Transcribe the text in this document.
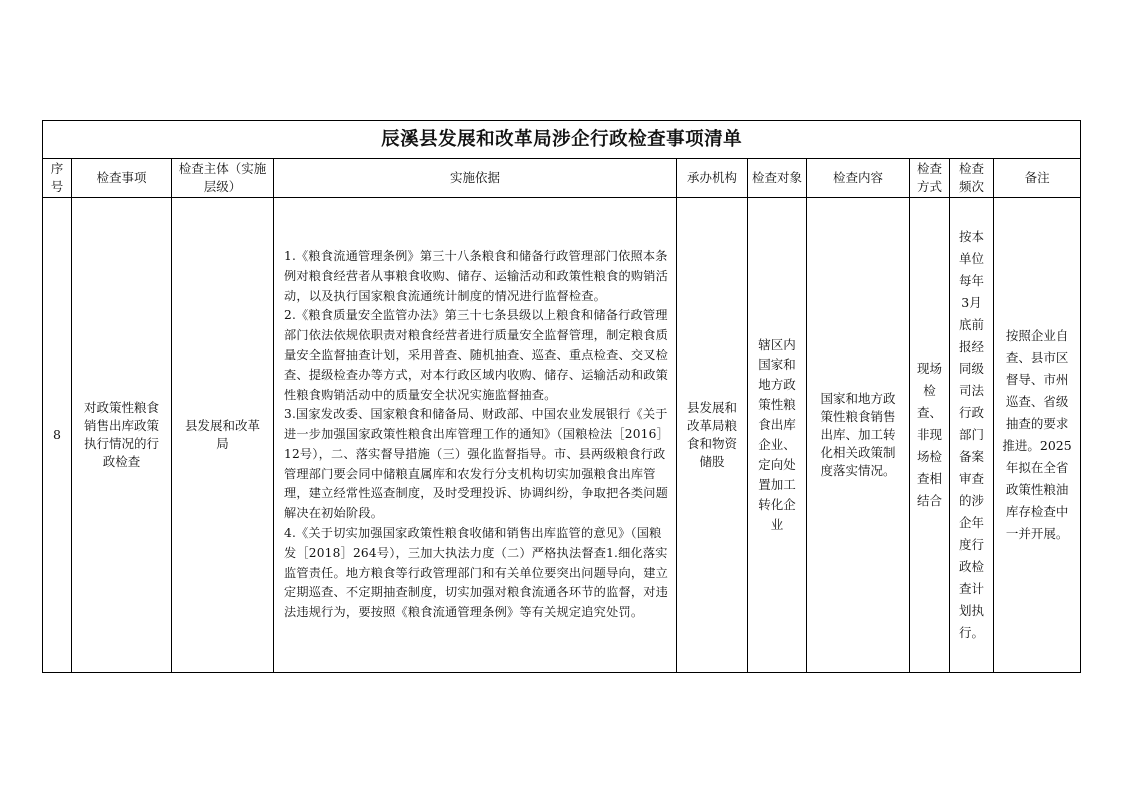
辰溪县发展和改革局涉企行政检查事项清单									
序号	检查事项	检查主体（实施层级）	实施依据	承办机构	检查对象	检查内容	检查方式	检查频次	备注
8	对政策性粮食销售出库政策执行情况的行政检查	县发展和改革局	1.《粮食流通管理条例》第三十八条粮食和储备行政管理部门依照本条例对粮食经营者从事粮食收购、储存、运输活动和政策性粮食的购销活动，以及执行国家粮食流通统计制度的情况进行监督检查。

2.《粮食质量安全监管办法》第三十七条县级以上粮食和储备行政管理部门依法依规依职责对粮食经营者进行质量安全监督管理，制定粮食质量安全监督抽查计划，采用普查、随机抽查、巡查、重点检查、交叉检查、提级检查办等方式，对本行政区域内收购、储存、运输活动和政策性粮食购销活动中的质量安全状况实施监督抽查。

3.国家发改委、国家粮食和储备局、财政部、中国农业发展银行《关于进一步加强国家政策性粮食出库管理工作的通知》（国粮检法［2016］12号），二、落实督导措施（三）强化监督指导。市、县两级粮食行政管理部门要会同中储粮直属库和农发行分支机构切实加强粮食出库管理，建立经常性巡查制度，及时受理投诉、协调纠纷，争取把各类问题解决在初始阶段。

4.《关于切实加强国家政策性粮食收储和销售出库监管的意见》（国粮发［2018］264号），三加大执法力度（二）严格执法督查1.细化落实监管责任。地方粮食等行政管理部门和有关单位要突出问题导向，建立定期巡查、不定期抽查制度，切实加强对粮食流通各环节的监督，对违法违规行为，要按照《粮食流通管理条例》等有关规定追究处罚。	县发展和改革局粮食和物资储股	辖区内国家和地方政策性粮食出库企业、定向处置加工转化企业	国家和地方政策性粮食销售出库、加工转化相关政策制度落实情况。	现场检查、非现场检查相结合	按本单位每年3月底前报经同级司法行政部门备案审查的涉企年度行政检查计划执行。	按照企业自查、县市区督导、市州巡查、省级抽查的要求推进。2025年拟在全省政策性粮油库存检查中一并开展。
